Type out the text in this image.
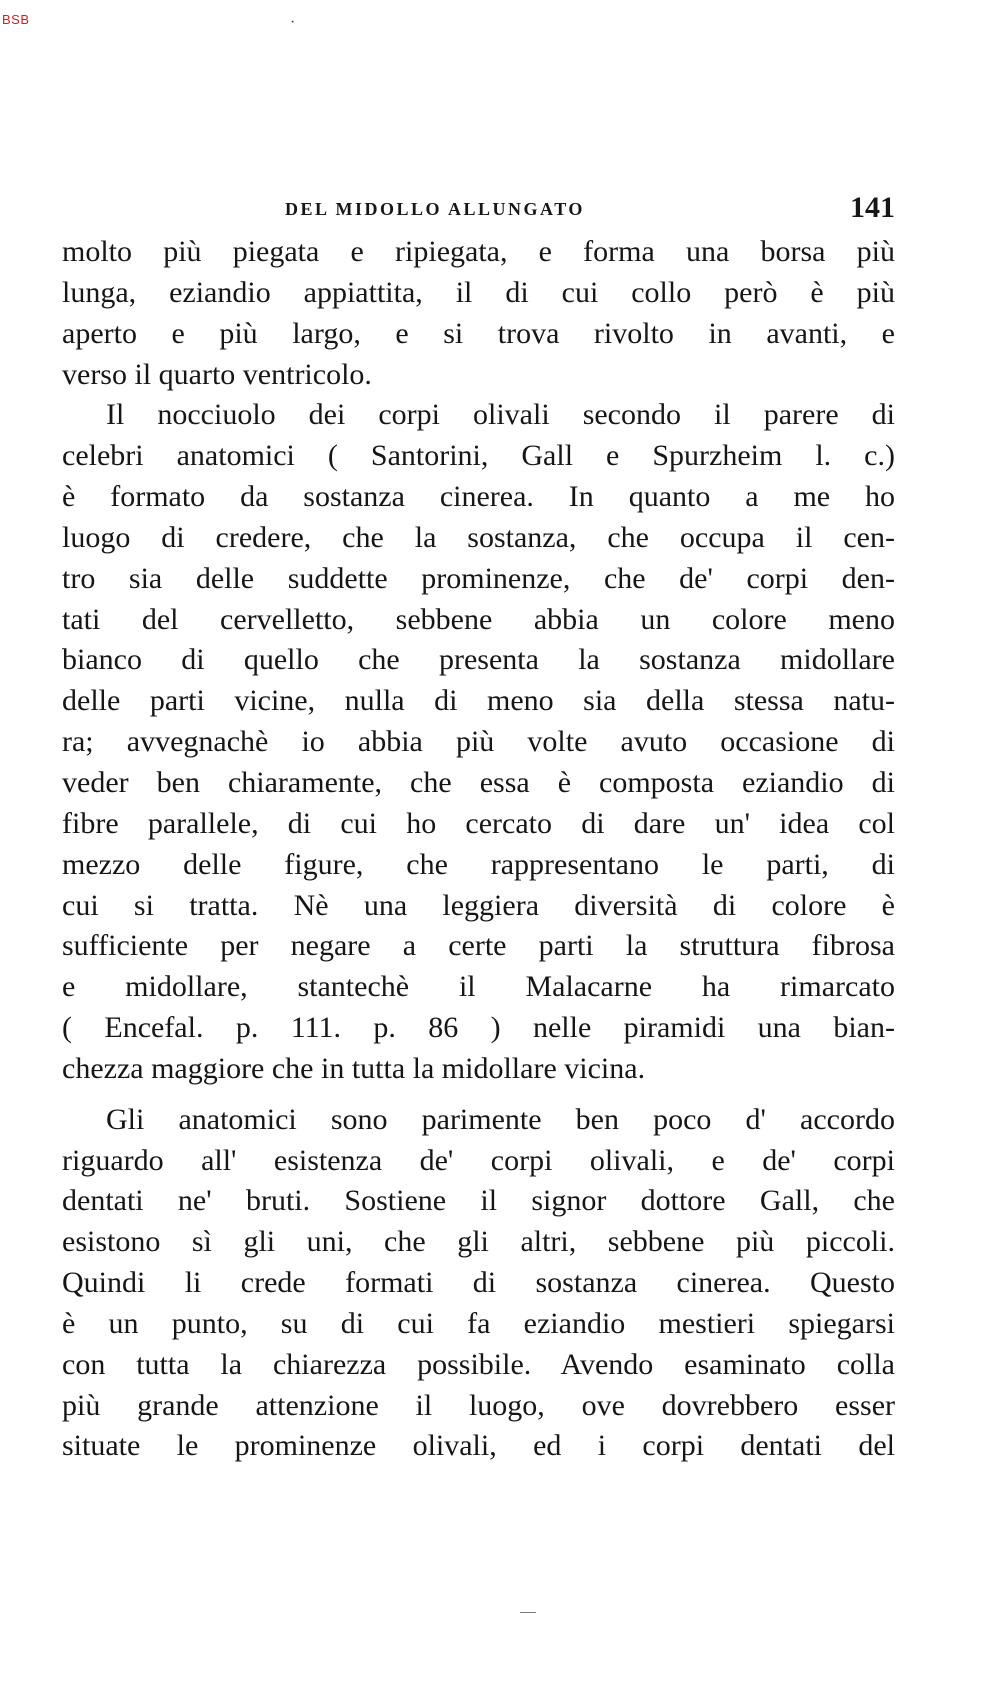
BSB	·
DEL MIDOLLO ALLUNGATO	141
molto più piegata e ripiegata, e forma una borsa più
lunga, eziandio appiattita, il di cui collo però è più
aperto e più largo, e si trova rivolto in avanti, e
verso il quarto ventricolo.
Il nocciuolo dei corpi olivali secondo il parere di
celebri anatomici ( Santorini, Gall e Spurzheim l. c.)
è formato da sostanza cinerea. In quanto a me ho
luogo di credere, che la sostanza, che occupa il cen-
tro sia delle suddette prominenze, che de' corpi den-
tati del cervelletto, sebbene abbia un colore meno
bianco di quello che presenta la sostanza midollare
delle parti vicine, nulla di meno sia della stessa natu-
ra; avvegnachè io abbia più volte avuto occasione di
veder ben chiaramente, che essa è composta eziandio di
fibre parallele, di cui ho cercato di dare un' idea col
mezzo delle figure, che rappresentano le parti, di
cui si tratta. Nè una leggiera diversità di colore è
sufficiente per negare a certe parti la struttura fibrosa
e midollare, stantechè il Malacarne ha rimarcato
( Encefal. p. 111. p. 86 ) nelle piramidi una bian-
chezza maggiore che in tutta la midollare vicina.
Gli anatomici sono parimente ben poco d' accordo
riguardo all' esistenza de' corpi olivali, e de' corpi
dentati ne' bruti. Sostiene il signor dottore Gall, che
esistono sì gli uni, che gli altri, sebbene più piccoli.
Quindi li crede formati di sostanza cinerea. Questo
è un punto, su di cui fa eziandio mestieri spiegarsi
con tutta la chiarezza possibile. Avendo esaminato colla
più grande attenzione il luogo, ove dovrebbero esser
situate le prominenze olivali, ed i corpi dentati del
